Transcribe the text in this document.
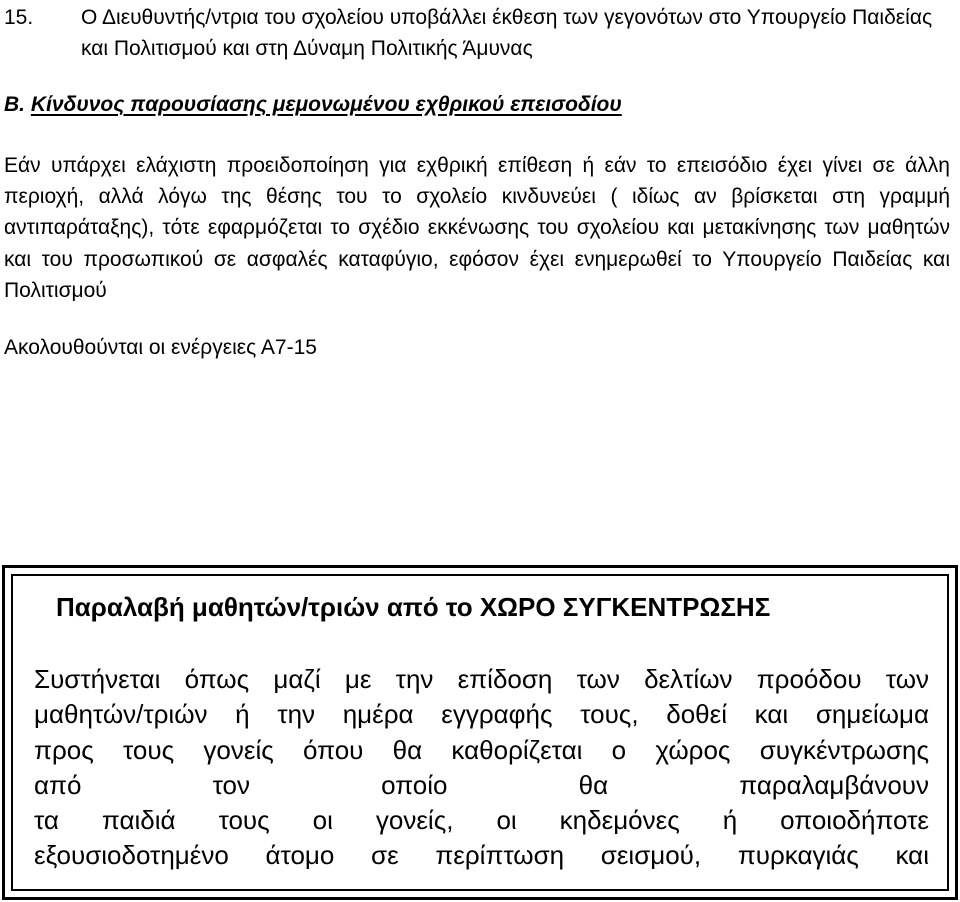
15. Ο Διευθυντής/ντρια του σχολείου υποβάλλει έκθεση των γεγονότων στο Υπουργείο Παιδείας και Πολιτισμού και στη Δύναμη Πολιτικής Άμυνας
Β. Κίνδυνος παρουσίασης μεμονωμένου εχθρικού επεισοδίου
Εάν υπάρχει ελάχιστη προειδοποίηση για εχθρική επίθεση ή εάν το επεισόδιο έχει γίνει σε άλλη περιοχή, αλλά λόγω της θέσης του το σχολείο κινδυνεύει ( ιδίως αν βρίσκεται στη γραμμή αντιπαράταξης), τότε εφαρμόζεται το σχέδιο εκκένωσης του σχολείου και μετακίνησης των μαθητών και του προσωπικού σε ασφαλές καταφύγιο, εφόσον έχει ενημερωθεί το Υπουργείο Παιδείας και Πολιτισμού
Ακολουθούνται οι ενέργειες Α7-15
Παραλαβή μαθητών/τριών από το ΧΩΡΟ ΣΥΓΚΕΝΤΡΩΣΗΣ
Συστήνεται όπως μαζί με την επίδοση των δελτίων προόδου των
μαθητών/τριών ή την ημέρα εγγραφής τους, δοθεί και σημείωμα
προς τους γονείς όπου θα καθορίζεται ο χώρος συγκέντρωσης
από τον οποίο θα παραλαμβάνουν
τα παιδιά τους οι γονείς, οι κηδεμόνες ή οποιοδήποτε
εξουσιοδοτημένο άτομο σε περίπτωση σεισμού, πυρκαγιάς και
